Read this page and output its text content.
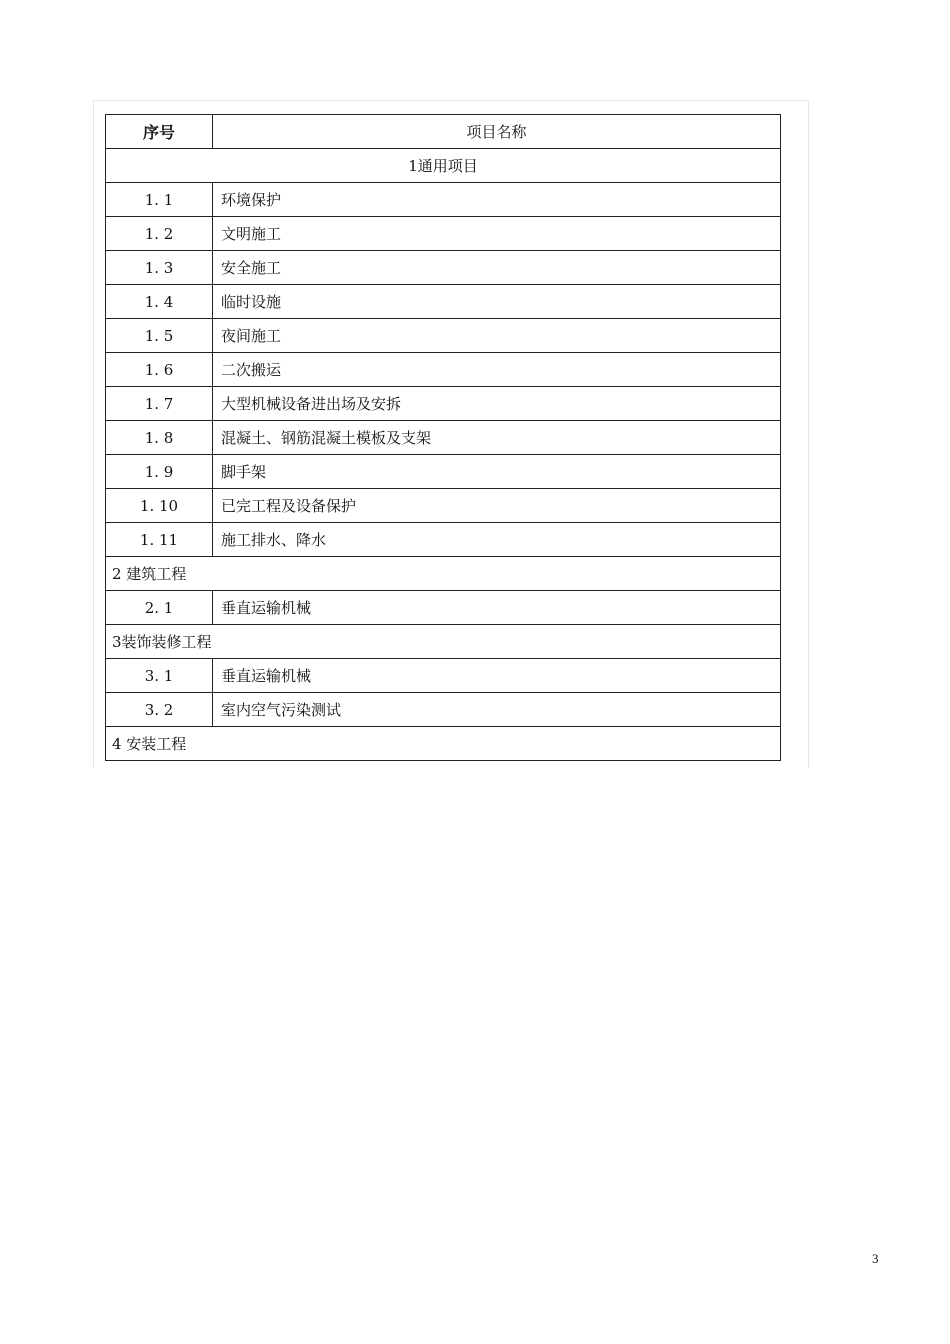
序号	项目名称
1通用项目	
1. 1	环境保护
1. 2	文明施工
1. 3	安全施工
1. 4	临时设施
1. 5	夜间施工
1. 6	二次搬运
1. 7	大型机械设备进出场及安拆
1. 8	混凝土、钢筋混凝土模板及支架
1. 9	脚手架
1. 10	已完工程及设备保护
1. 11	施工排水、降水
2 建筑工程	
2. 1	垂直运输机械
3装饰装修工程	
3. 1	垂直运输机械
3. 2	室内空气污染测试
4 安装工程	
3
